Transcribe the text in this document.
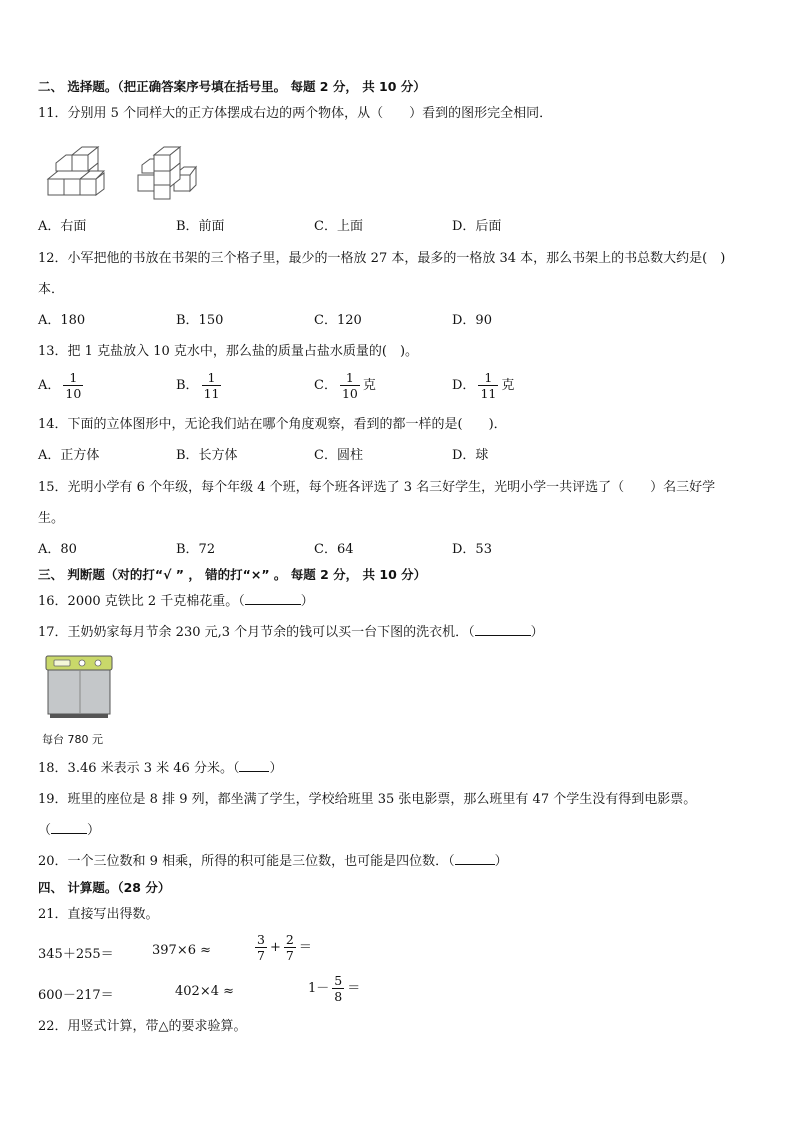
二、 选择题。（把正确答案序号填在括号里。 每题 2 分， 共 10 分）
11．分别用 5 个同样大的正方体摆成右边的两个物体，从（　　）看到的图形完全相同．
A．右面	B．前面	C．上面	D．后面
12．小军把他的书放在书架的三个格子里，最少的一格放 27 本，最多的一格放 34 本，那么书架上的书总数大约是(　)
本．
A．180	B．150	C．120	D．90
13．把 1 克盐放入 10 克水中，那么盐的质量占盐水质量的(　)。
A． $\frac{1}{10}$	B． $\frac{1}{11}$	C． $\frac{1}{10}$ 克	D． $\frac{1}{11}$ 克
14．下面的立体图形中，无论我们站在哪个角度观察，看到的都一样的是(　　)．
A．正方体	B．长方体	C．圆柱	D．球
15．光明小学有 6 个年级，每个年级 4 个班，每个班各评选了 3 名三好学生，光明小学一共评选了（　　）名三好学
生。
A．80	B．72	C．64	D．53
三、 判断题（对的打“√ ” ， 错的打“×” 。 每题 2 分， 共 10 分）
16．2000 克铁比 2 千克棉花重。（	）
17．王奶奶家每月节余 230 元,3 个月节余的钱可以买一台下图的洗衣机．（	）
每台 780 元
18．3.46 米表示 3 米 46 分米。（ ）
19．班里的座位是 8 排 9 列，都坐满了学生，学校给班里 35 张电影票，那么班里有 47 个学生没有得到电影票。
（	）
20．一个三位数和 9 相乘，所得的积可能是三位数，也可能是四位数．（	）
四、 计算题。（28 分）
21．直接写出得数。
345＋255＝	397×6 ≈	$\frac{3}{7} + \frac{2}{7}$ ＝
600－217＝	402×4 ≈	$1- \frac{5}{8}$ ＝
22．用竖式计算，带△的要求验算。
